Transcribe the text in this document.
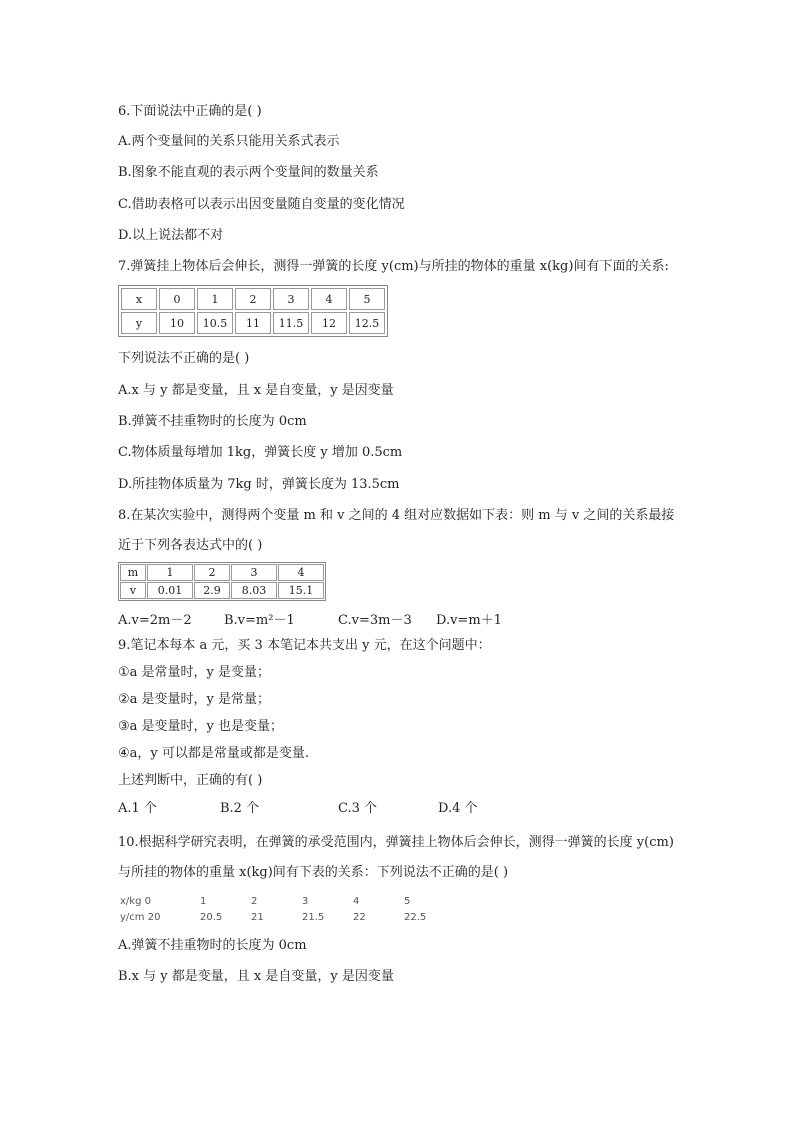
6.下面说法中正确的是( )
A.两个变量间的关系只能用关系式表示
B.图象不能直观的表示两个变量间的数量关系
C.借助表格可以表示出因变量随自变量的变化情况
D.以上说法都不对
7.弹簧挂上物体后会伸长，测得一弹簧的长度 y(cm)与所挂的物体的重量 x(kg)间有下面的关系:
x	0	1	2	3	4	5
y	10	10.5	11	11.5	12	12.5
下列说法不正确的是( )
A.x 与 y 都是变量，且 x 是自变量，y 是因变量
B.弹簧不挂重物时的长度为 0cm
C.物体质量每增加 1kg，弹簧长度 y 增加 0.5cm
D.所挂物体质量为 7kg 时，弹簧长度为 13.5cm
8.在某次实验中，测得两个变量 m 和 v 之间的 4 组对应数据如下表：则 m 与 v 之间的关系最接
近于下列各表达式中的( )
m	1	2	3	4
v	0.01	2.9	8.03	15.1
A.v=2m－2 B.v=m²－1	C.v=3m－3 D.v=m＋1
9.笔记本每本 a 元，买 3 本笔记本共支出 y 元，在这个问题中：
①a 是常量时，y 是变量；
②a 是变量时，y 是常量；
③a 是变量时，y 也是变量；
④a，y 可以都是常量或都是变量.
上述判断中，正确的有( )
A.1 个	B.2 个	C.3 个	D.4 个
10.根据科学研究表明，在弹簧的承受范围内，弹簧挂上物体后会伸长，测得一弹簧的长度 y(cm)
与所挂的物体的重量 x(kg)间有下表的关系：下列说法不正确的是( )
x/kg 0	1	2	3	4	5
y/cm 20	20.5	21	21.5	22	22.5
A.弹簧不挂重物时的长度为 0cm
B.x 与 y 都是变量，且 x 是自变量，y 是因变量
